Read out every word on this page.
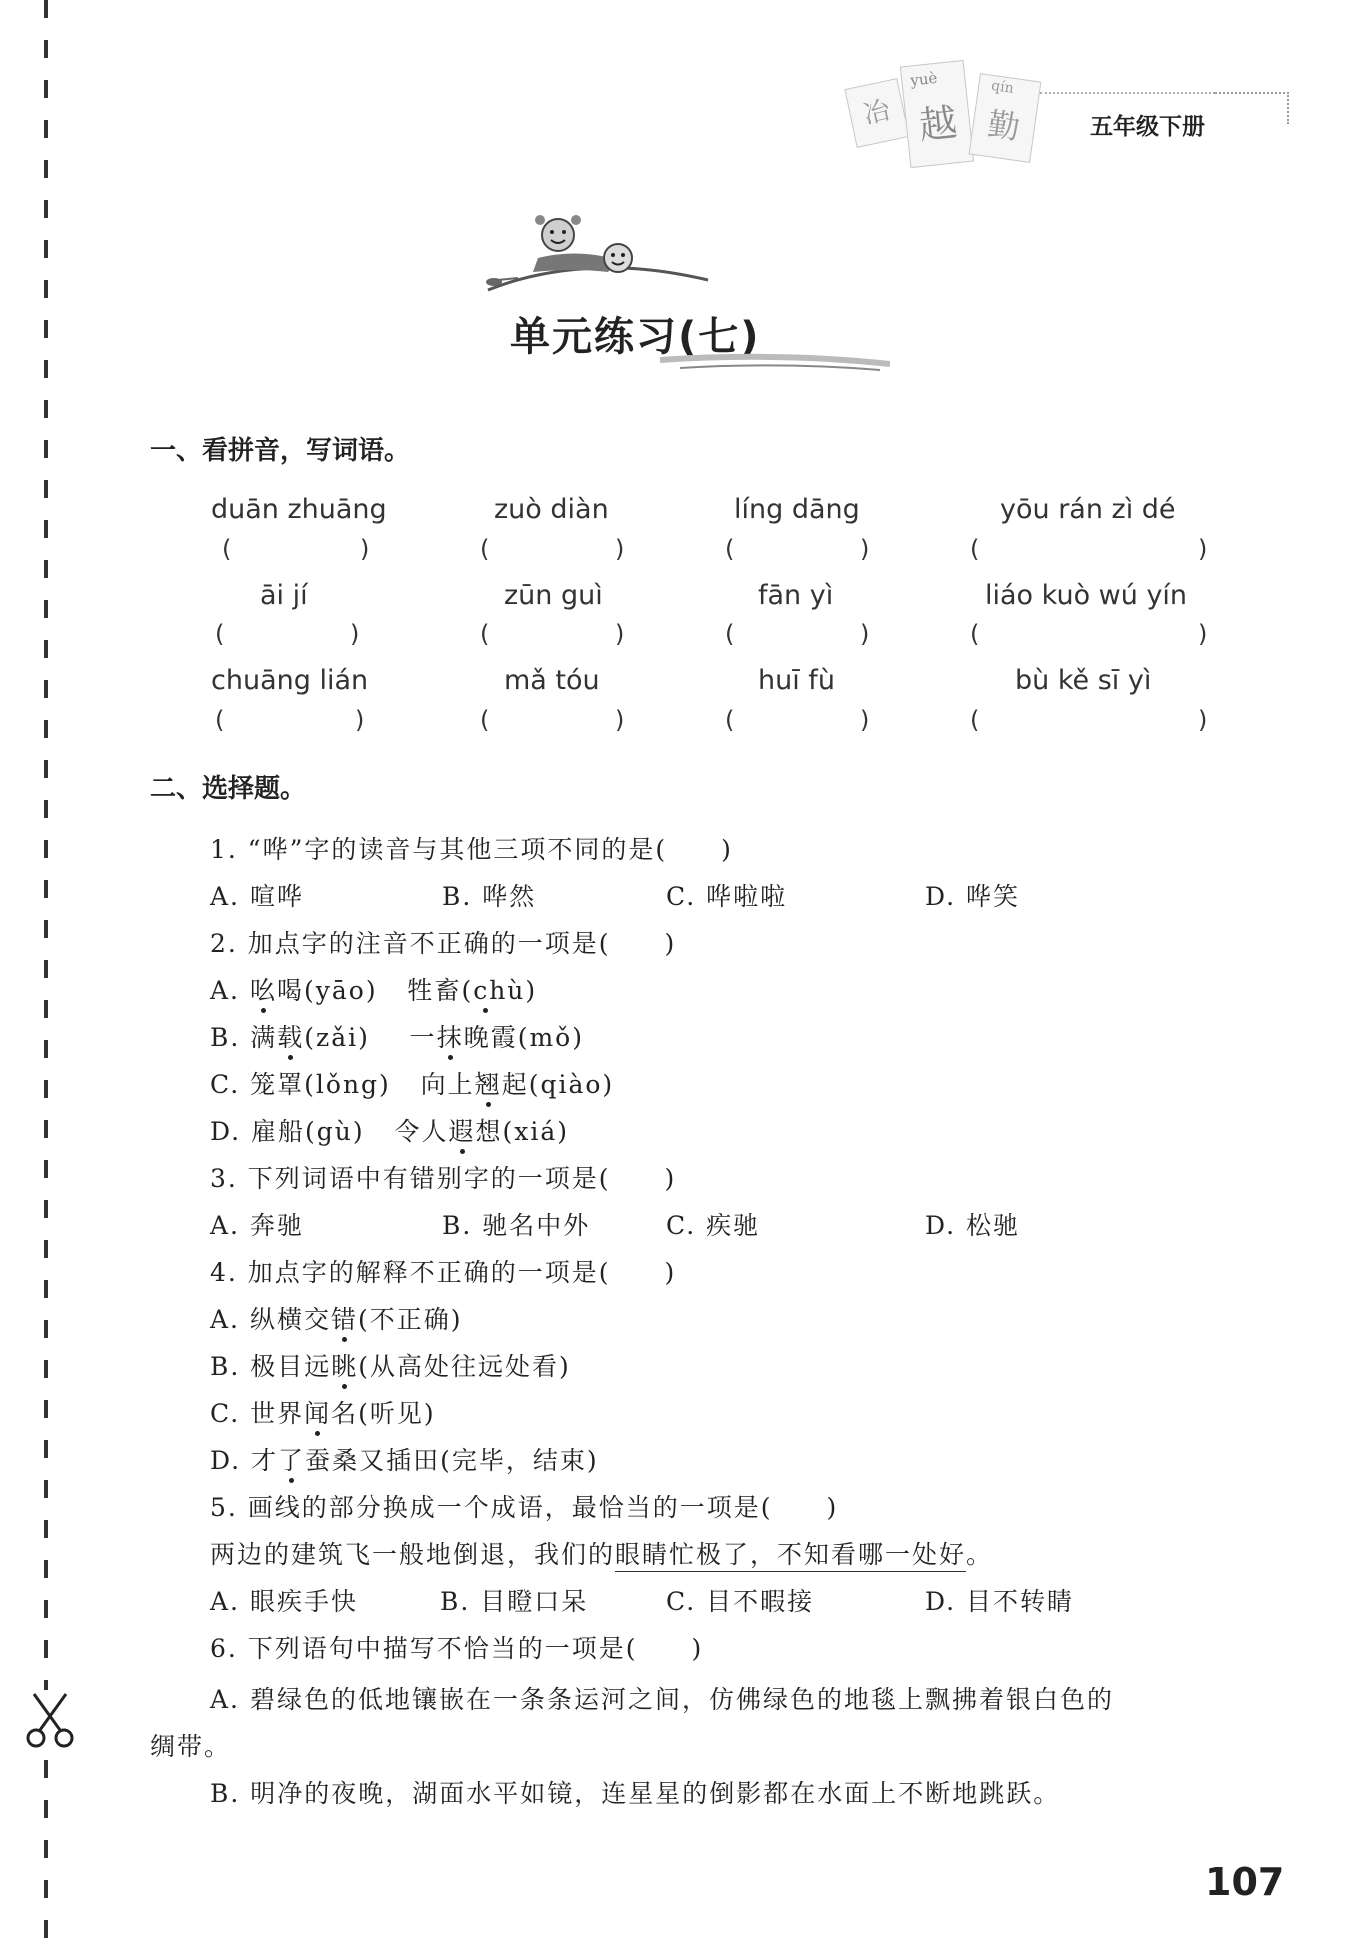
冶
yuè
越
qín
勤	五年级下册
单元练习(七)
一、看拼音，写词语。
duān zhuāng	zuò diàn	líng dāng	yōu rán zì dé
āi jí	zūn guì	fān yì	liáo kuò wú yín
chuāng lián	mǎ tóu	huī fù	bù kě sī yì
(	)	(	)	(	)	(	)
(	)	(	)	(	)	(	)
(	)	(	)	(	)	(	)
二、选择题。
1. “哗”字的读音与其他三项不同的是(　　)
A. 喧哗	B. 哗然	C. 哗啦啦	D. 哗笑
2. 加点字的注音不正确的一项是(　　)
A. 吆喝(yāo) 牲畜(chù)
B. 满载(zǎi) 一抹晚霞(mǒ)
C. 笼罩(lǒng) 向上翘起(qiào)
D. 雇船(gù) 令人遐想(xiá)
3. 下列词语中有错别字的一项是(　　)
A. 奔驰	B. 驰名中外	C. 疾驰	D. 松驰
4. 加点字的解释不正确的一项是(　　)
A. 纵横交错(不正确)
B. 极目远眺(从高处往远处看)
C. 世界闻名(听见)
D. 才了蚕桑又插田(完毕，结束)
5. 画线的部分换成一个成语，最恰当的一项是(　　)
两边的建筑飞一般地倒退，我们的眼睛忙极了，不知看哪一处好。
A. 眼疾手快	B. 目瞪口呆	C. 目不暇接	D. 目不转睛
6. 下列语句中描写不恰当的一项是(　　)
A. 碧绿色的低地镶嵌在一条条运河之间，仿佛绿色的地毯上飘拂着银白色的
绸带。
B. 明净的夜晚，湖面水平如镜，连星星的倒影都在水面上不断地跳跃。
107
